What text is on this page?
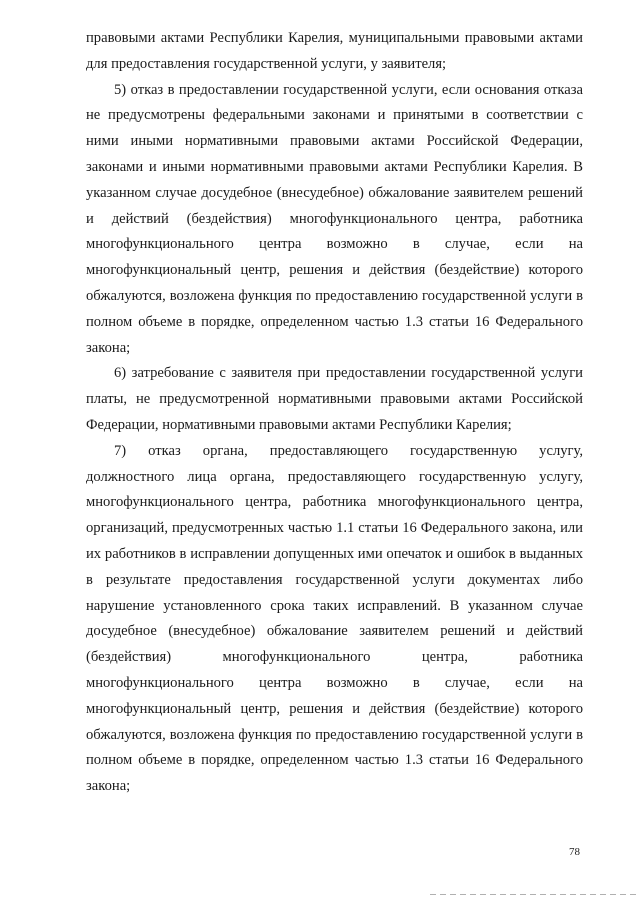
правовыми актами Республики Карелия, муниципальными правовыми актами для предоставления государственной услуги, у заявителя;

5) отказ в предоставлении государственной услуги, если основания отказа не предусмотрены федеральными законами и принятыми в соответствии с ними иными нормативными правовыми актами Российской Федерации, законами и иными нормативными правовыми актами Республики Карелия. В указанном случае досудебное (внесудебное) обжалование заявителем решений и действий (бездействия) многофункционального центра, работника многофункционального центра возможно в случае, если на многофункциональный центр, решения и действия (бездействие) которого обжалуются, возложена функция по предоставлению государственной услуги в полном объеме в порядке, определенном частью 1.3 статьи 16 Федерального закона;

6) затребование с заявителя при предоставлении государственной услуги платы, не предусмотренной нормативными правовыми актами Российской Федерации, нормативными правовыми актами Республики Карелия;

7) отказ органа, предоставляющего государственную услугу, должностного лица органа, предоставляющего государственную услугу, многофункционального центра, работника многофункционального центра, организаций, предусмотренных частью 1.1 статьи 16 Федерального закона, или их работников в исправлении допущенных ими опечаток и ошибок в выданных в результате предоставления государственной услуги документах либо нарушение установленного срока таких исправлений. В указанном случае досудебное (внесудебное) обжалование заявителем решений и действий (бездействия) многофункционального центра, работника многофункционального центра возможно в случае, если на многофункциональный центр, решения и действия (бездействие) которого обжалуются, возложена функция по предоставлению государственной услуги в полном объеме в порядке, определенном частью 1.3 статьи 16 Федерального закона;

78
